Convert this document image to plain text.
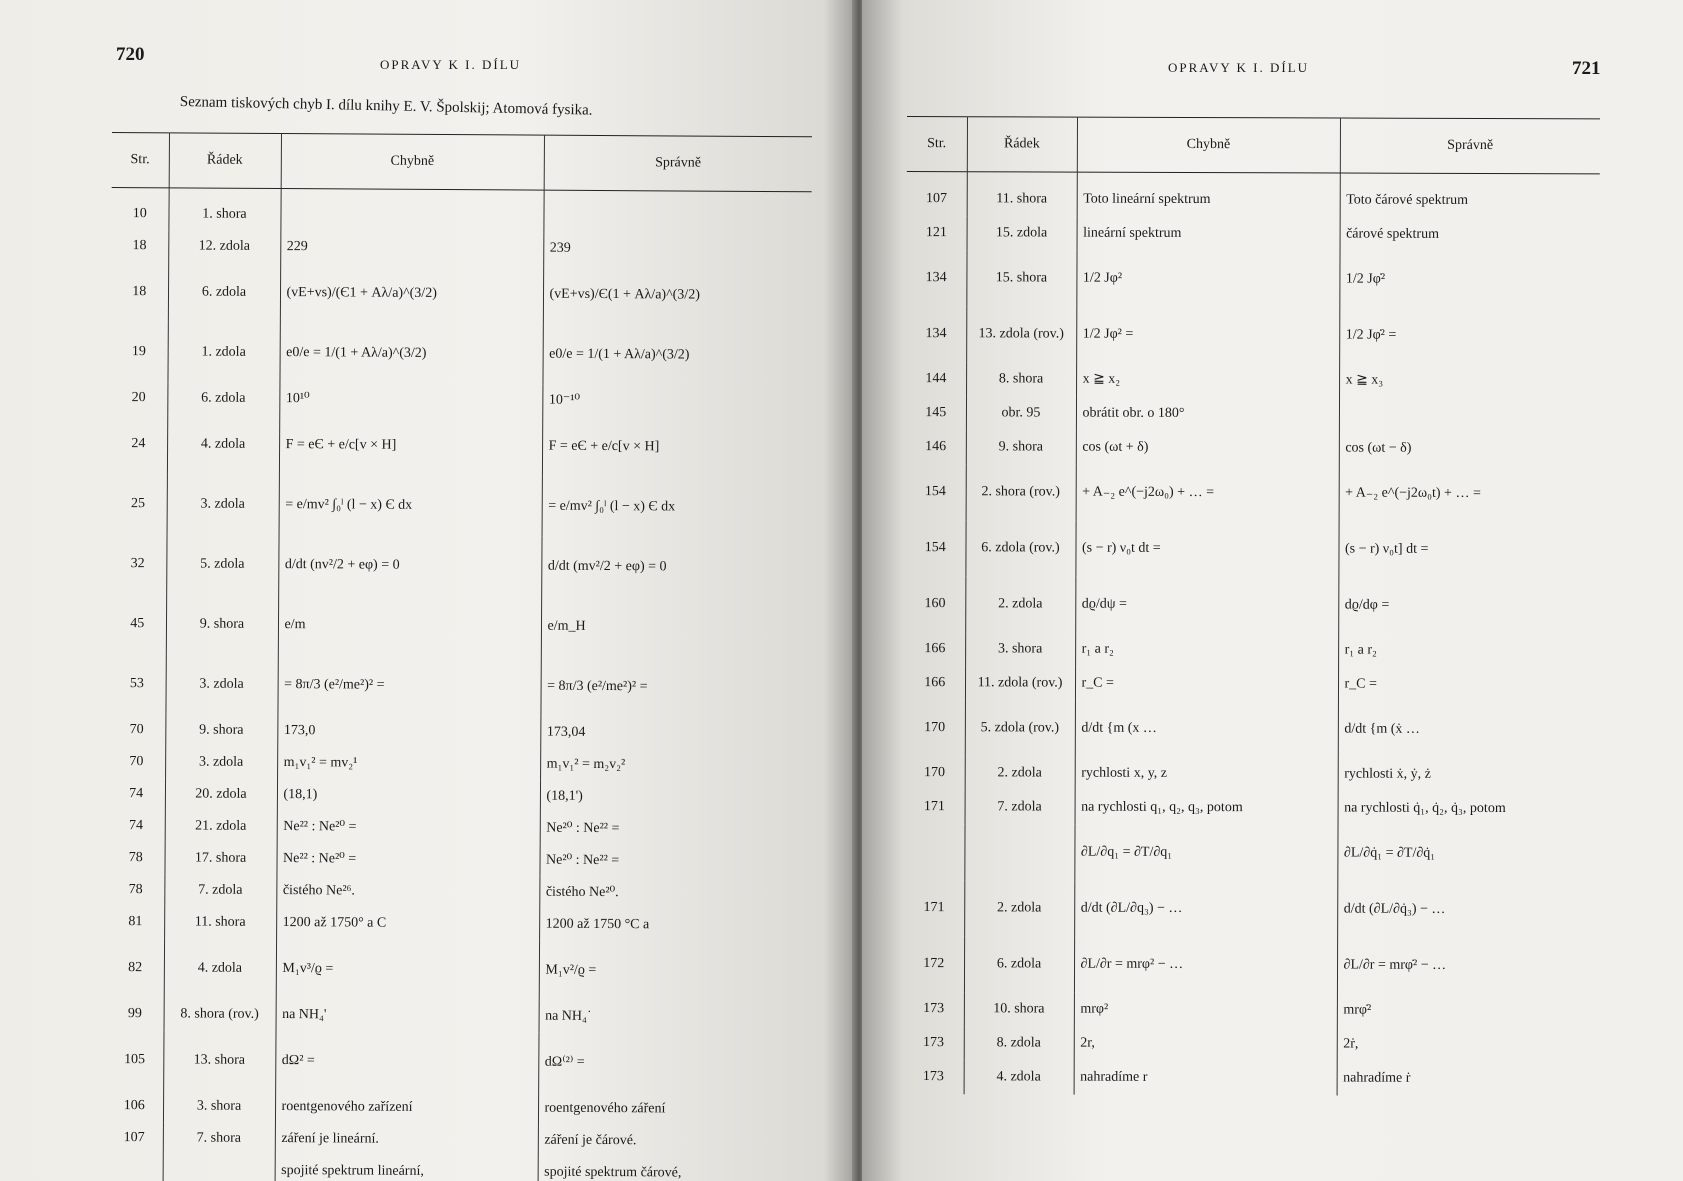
720	OPRAVY K I. DÍLU
Seznam tiskových chyb I. dílu knihy E. V. Špolskij; Atomová fysika.
Str.	Řádek	Chybně	Správně
10	1. shora		
18	12. zdola	229	239
18	6. zdola	(vE+vs)/(Є1 + Aλ/a)^(3/2)	(vE+vs)/Є(1 + Aλ/a)^(3/2)
19	1. zdola	e0/e = 1/(1 + Aλ/a)^(3/2)	e0/e = 1/(1 + Aλ/a)^(3/2)
20	6. zdola	10¹⁰	10⁻¹⁰
24	4. zdola	F = eЄ + e/c[v × H]	F = eЄ + e/c[v × H]
25	3. zdola	= e/mv² ∫₀ˡ (l − x) Є dx	= e/mv² ∫₀ˡ (l − x) Є dx
32	5. zdola	d/dt (nv²/2 + eφ) = 0	d/dt (mv²/2 + eφ) = 0
45	9. shora	e/m	e/m_H
53	3. zdola	= 8π/3 (e²/me²)² =	= 8π/3 (e²/me²)² =
70	9. shora	173,0	173,04
70	3. zdola	m₁v₁² = mv₂¹	m₁v₁² = m₂v₂²
74	20. zdola	(18,1)	(18,1')
74	21. zdola	Ne²² : Ne²⁰ =	Ne²⁰ : Ne²² =
78	17. shora	Ne²² : Ne²⁰ =	Ne²⁰ : Ne²² =
78	7. zdola	čistého Ne²⁶.	čistého Ne²⁰.
81	11. shora	1200 až 1750° a C	1200 až 1750 °C a
82	4. zdola	M₁v³/ϱ =	M₁v²/ϱ =
99	8. shora (rov.)	na NH₄'	na NH₄˙
105	13. shora	dΩ² =	dΩ⁽²⁾ =
106	3. shora	roentgenového zařízení	roentgenového záření
107	7. shora	záření je lineární.	záření je čárové.
		spojité spektrum lineární,	spojité spektrum čárové,
OPRAVY K I. DÍLU	721
Str.	Řádek	Chybně	Správně
107	11. shora	Toto lineární spektrum	Toto čárové spektrum
121	15. zdola	lineární spektrum	čárové spektrum
134	15. shora	1/2 Jφ²	1/2 Jφ̇²
134	13. zdola (rov.)	1/2 Jφ² =	1/2 Jφ̇² =
144	8. shora	x ≧ x₂	x ≧ x₃
145	obr. 95	obrátit obr. o 180°	
146	9. shora	cos (ωt + δ)	cos (ωt − δ)
154	2. shora (rov.)	+ A₋₂ e^(−j2ω₀) + … =	+ A₋₂ e^(−j2ω₀t) + … =
154	6. zdola (rov.)	(s − r) ν₀t dt =	(s − r) ν₀t] dt =
160	2. zdola	dϱ/dψ =	dϱ/dφ =
166	3. shora	r₁ a r₂	r₁ a r₂
166	11. zdola (rov.)	r_C =	r_C =
170	5. zdola (rov.)	d/dt {m (x …	d/dt {m (ẋ …
170	2. zdola	rychlosti x, y, z	rychlosti ẋ, ẏ, ż
171	7. zdola	na rychlosti q₁, q₂, q₃, potom	na rychlosti q̇₁, q̇₂, q̇₃, potom
		∂L/∂q₁ = ∂T/∂q₁	∂L/∂q̇₁ = ∂T/∂q̇₁
171	2. zdola	d/dt (∂L/∂q₃) − …	d/dt (∂L/∂q̇₃) − …
172	6. zdola	∂L/∂r = mrφ² − …	∂L/∂r = mrφ̇² − …
173	10. shora	mrφ²	mrφ̇²
173	8. zdola	2r,	2ṙ,
173	4. zdola	nahradíme r	nahradíme ṙ
